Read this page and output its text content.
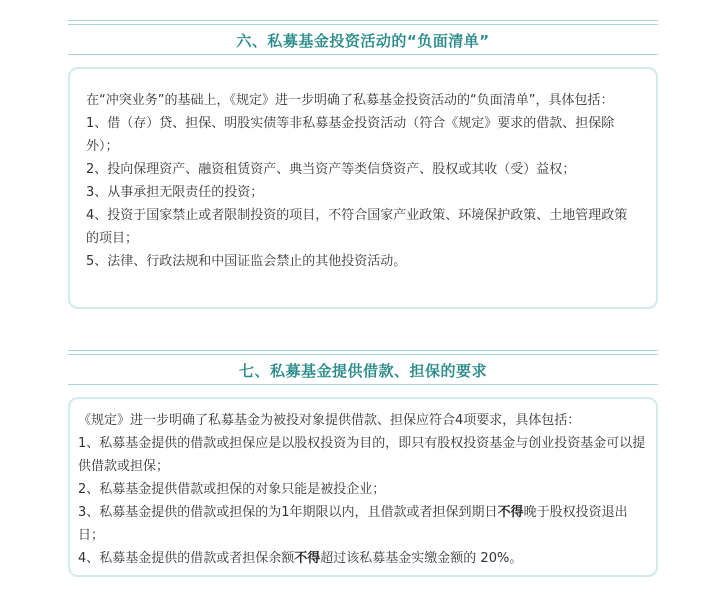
六、私募基金投资活动的“负面清单”

在“冲突业务”的基础上，《规定》进一步明确了私募基金投资活动的“负面清单”，具体包括：

1、借（存）贷、担保、明股实债等非私募基金投资活动（符合《规定》要求的借款、担保除外）；

2、投向保理资产、融资租赁资产、典当资产等类信贷资产、股权或其收（受）益权；

3、从事承担无限责任的投资；

4、投资于国家禁止或者限制投资的项目，不符合国家产业政策、环境保护政策、土地管理政策的项目；

5、法律、行政法规和中国证监会禁止的其他投资活动。

七、私募基金提供借款、担保的要求

《规定》进一步明确了私募基金为被投对象提供借款、担保应符合4项要求，具体包括：

1、私募基金提供的借款或担保应是以股权投资为目的，即只有股权投资基金与创业投资基金可以提供借款或担保；

2、私募基金提供借款或担保的对象只能是被投企业；

3、私募基金提供的借款或担保的为1年期限以内，且借款或者担保到期日不得晚于股权投资退出日；

4、私募基金提供的借款或者担保余额不得超过该私募基金实缴金额的 20%。
